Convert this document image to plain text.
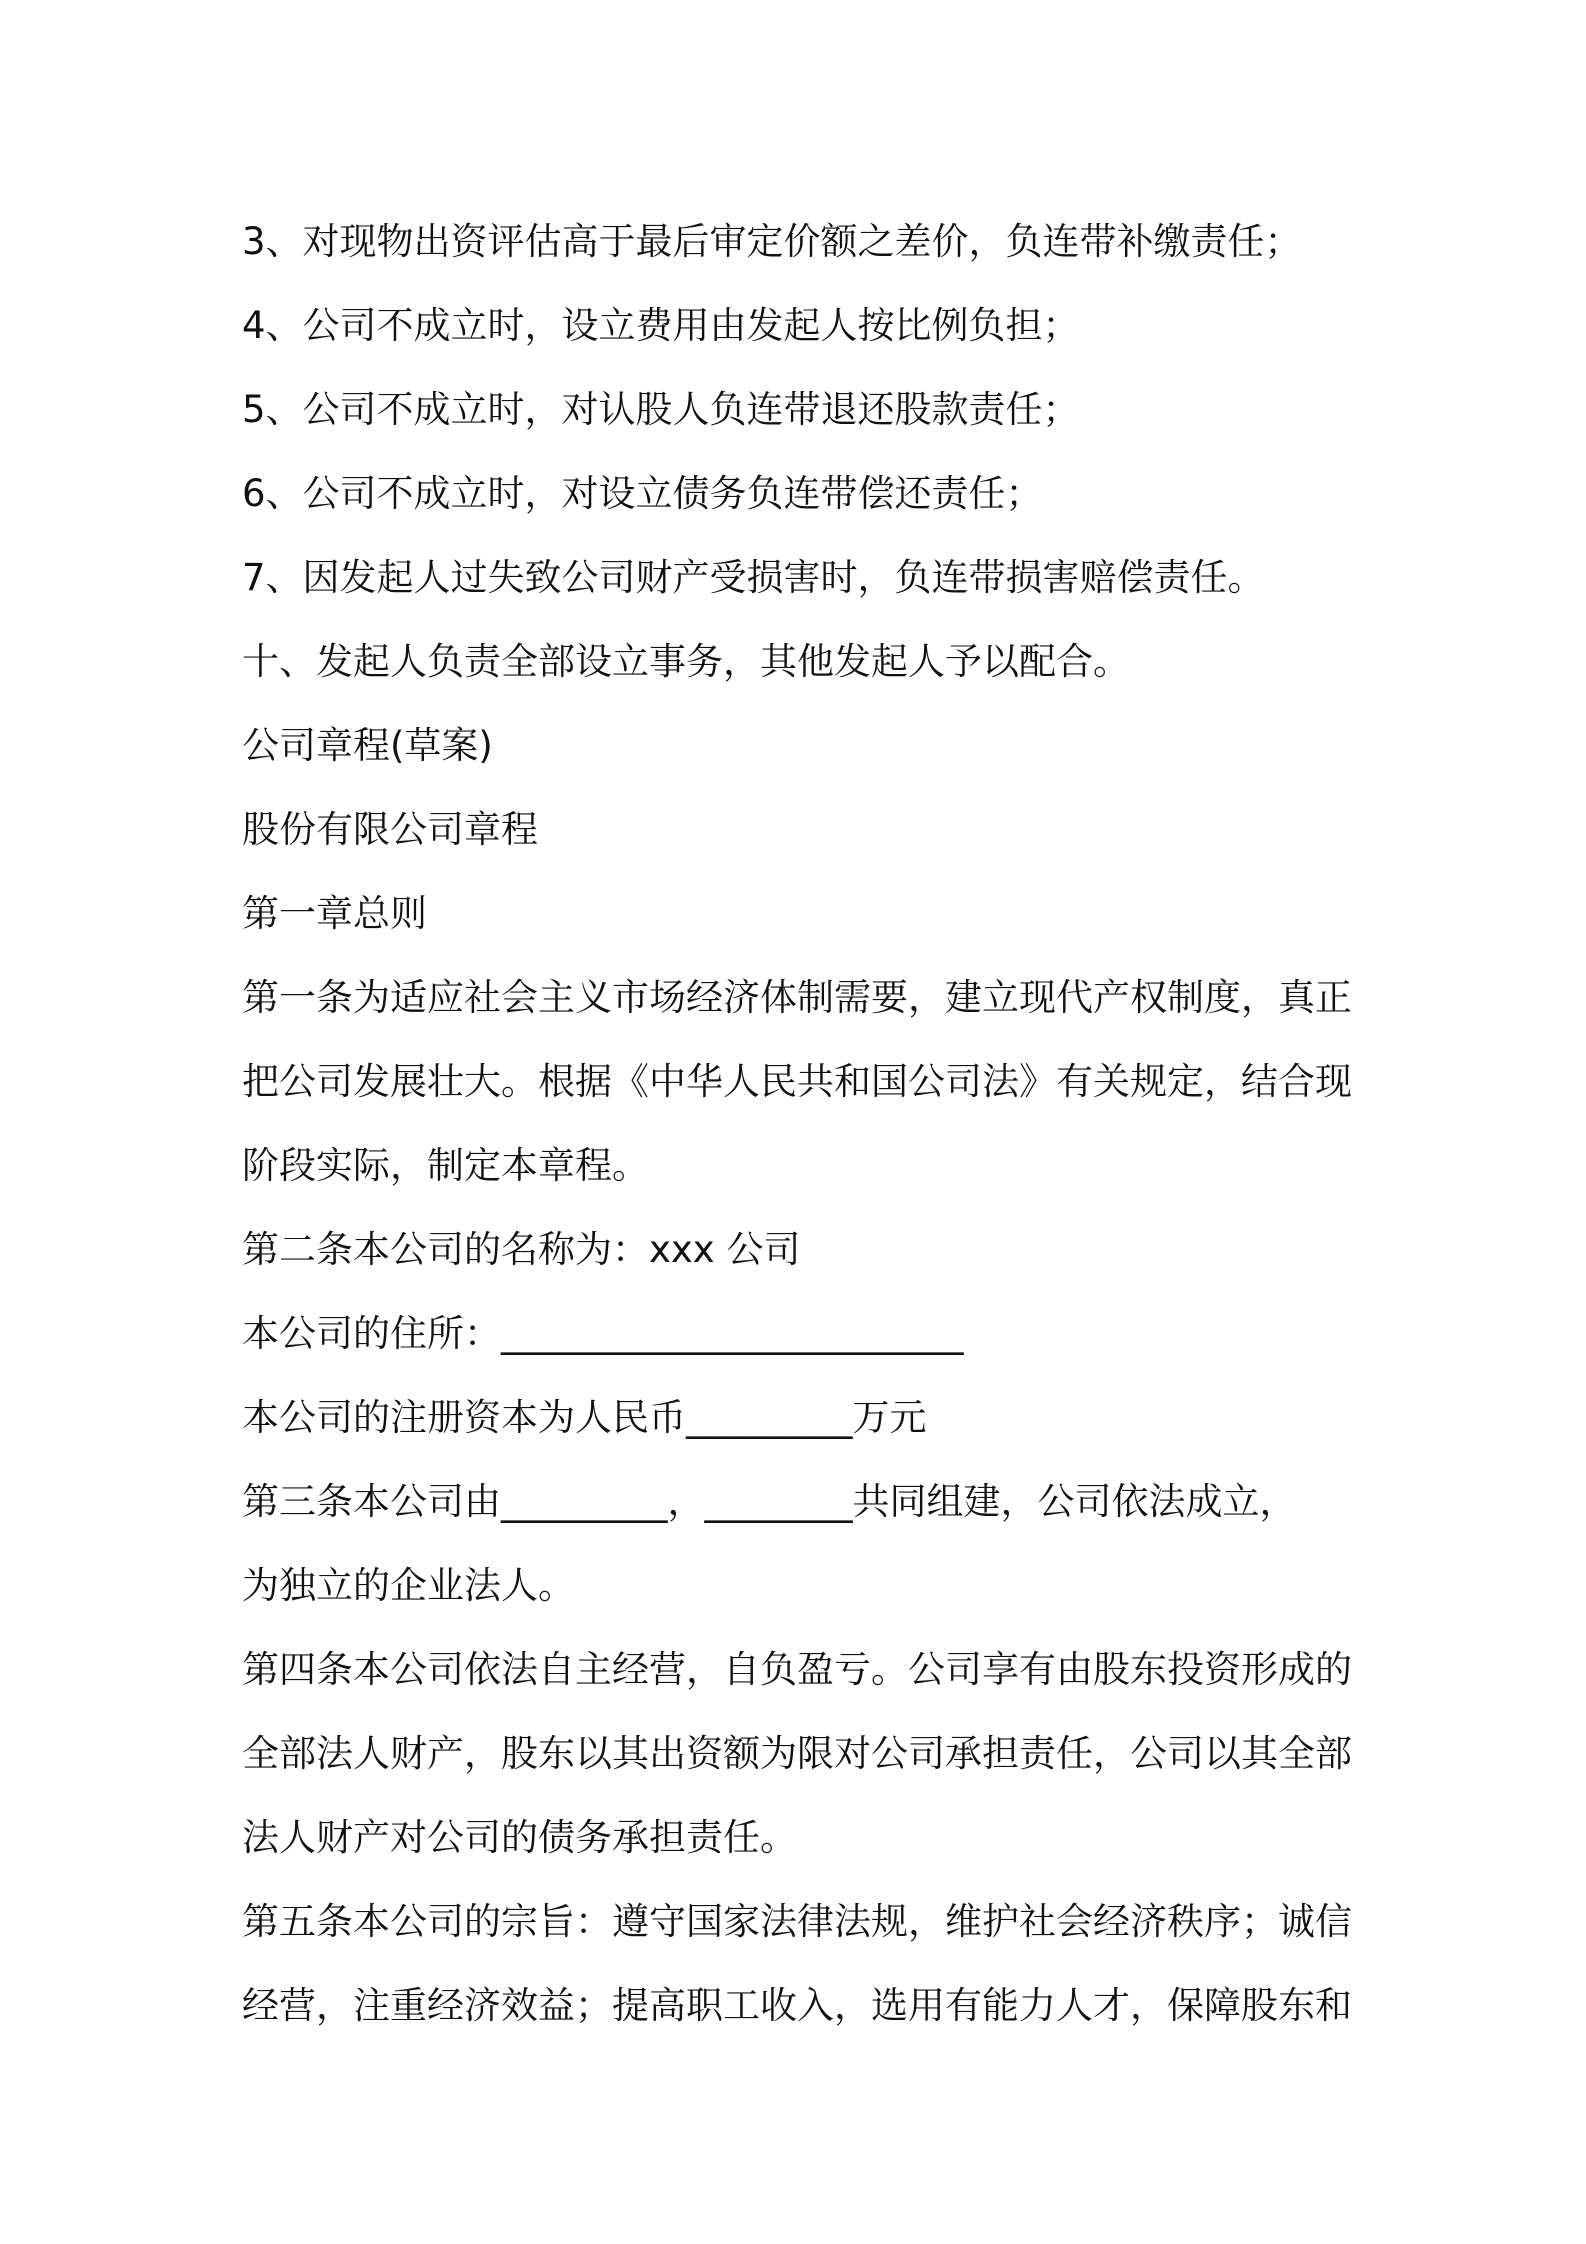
3、对现物出资评估高于最后审定价额之差价，负连带补缴责任；

4、公司不成立时，设立费用由发起人按比例负担；

5、公司不成立时，对认股人负连带退还股款责任；

6、公司不成立时，对设立债务负连带偿还责任；

7、因发起人过失致公司财产受损害时，负连带损害赔偿责任。

十、发起人负责全部设立事务，其他发起人予以配合。

公司章程(草案)

股份有限公司章程

第一章总则

第一条为适应社会主义市场经济体制需要，建立现代产权制度，真正

把公司发展壮大。根据《中华人民共和国公司法》有关规定，结合现

阶段实际，制定本章程。

第二条本公司的名称为：xxx 公司

本公司的住所：_________________________

本公司的注册资本为人民币_________万元

第三条本公司由_________，________共同组建，公司依法成立，

为独立的企业法人。

第四条本公司依法自主经营，自负盈亏。公司享有由股东投资形成的

全部法人财产，股东以其出资额为限对公司承担责任，公司以其全部

法人财产对公司的债务承担责任。

第五条本公司的宗旨：遵守国家法律法规，维护社会经济秩序；诚信

经营，注重经济效益；提高职工收入，选用有能力人才，保障股东和
